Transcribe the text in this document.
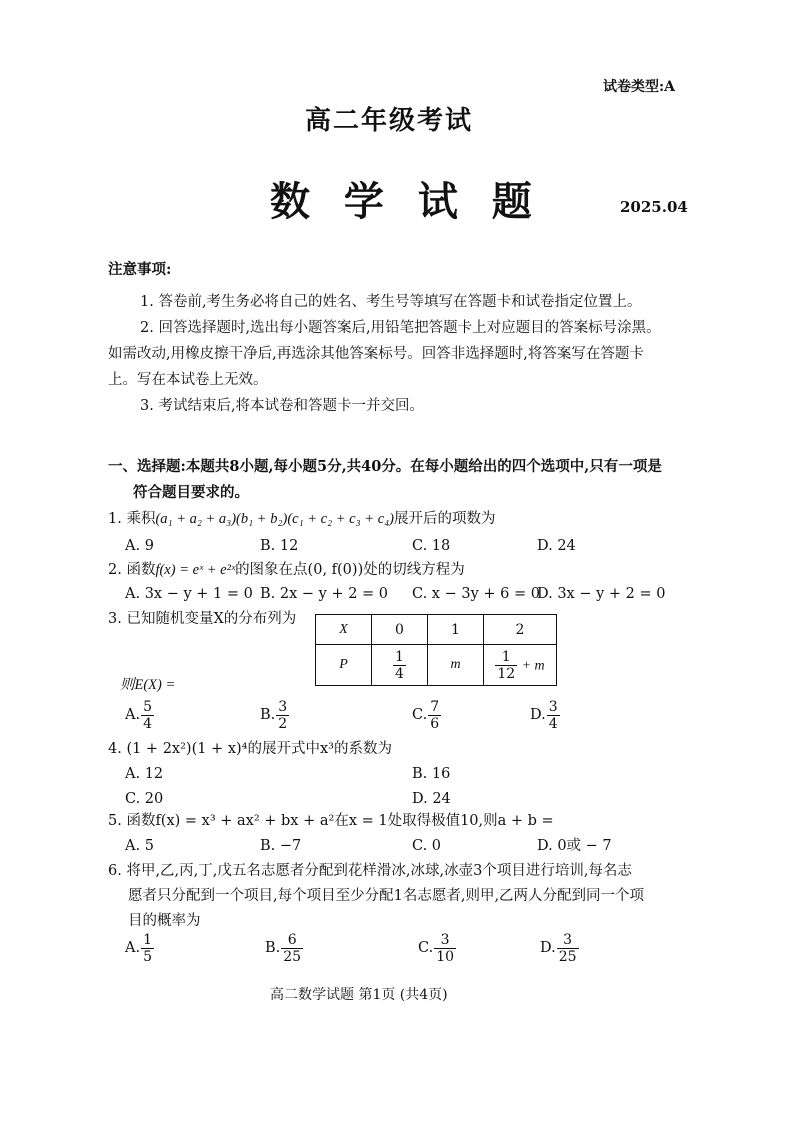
试卷类型:A
高二年级考试
数 学 试 题	2025.04
注意事项:
1. 答卷前,考生务必将自己的姓名、考生号等填写在答题卡和试卷指定位置上。
2. 回答选择题时,选出每小题答案后,用铅笔把答题卡上对应题目的答案标号涂黑。
如需改动,用橡皮擦干净后,再选涂其他答案标号。回答非选择题时,将答案写在答题卡
上。写在本试卷上无效。
3. 考试结束后,将本试卷和答题卡一并交回。
一、选择题:本题共8小题,每小题5分,共40分。在每小题给出的四个选项中,只有一项是
符合题目要求的。
1. 乘积(a₁ + a₂ + a₃)(b₁ + b₂)(c₁ + c₂ + c₃ + c₄)展开后的项数为
A. 9	B. 12	C. 18	D. 24
2. 函数f(x) = eˣ + e²ˣ的图象在点(0, f(0))处的切线方程为
A. 3x − y + 1 = 0 B. 2x − y + 2 = 0 C. x − 3y + 6 = 0
D. 3x − y + 2 = 0
3. 已知随机变量X的分布列为
X	0	1	2
P	$\frac{1}{4}$	m	$\frac{1}{12} + m$
则E(X) =
A. $\frac{5}{4}$	B. $\frac{3}{2}$	C. $\frac{7}{6}$	D. $\frac{3}{4}$
4. (1 + 2x²)(1 + x)⁴的展开式中x³的系数为
A. 12	B. 16
C. 20	D. 24
5. 函数f(x) = x³ + ax² + bx + a²在x = 1处取得极值10,则a + b =
A. 5	B. −7	C. 0	D. 0或 − 7
6. 将甲,乙,丙,丁,戊五名志愿者分配到花样滑冰,冰球,冰壶3个项目进行培训,每名志
愿者只分配到一个项目,每个项目至少分配1名志愿者,则甲,乙两人分配到同一个项
目的概率为
A. $\frac{1}{5}$	B. $\frac{6}{25}$	C. $\frac{3}{10}$	D. $\frac{3}{25}$
高二数学试题 第1页 (共4页)
